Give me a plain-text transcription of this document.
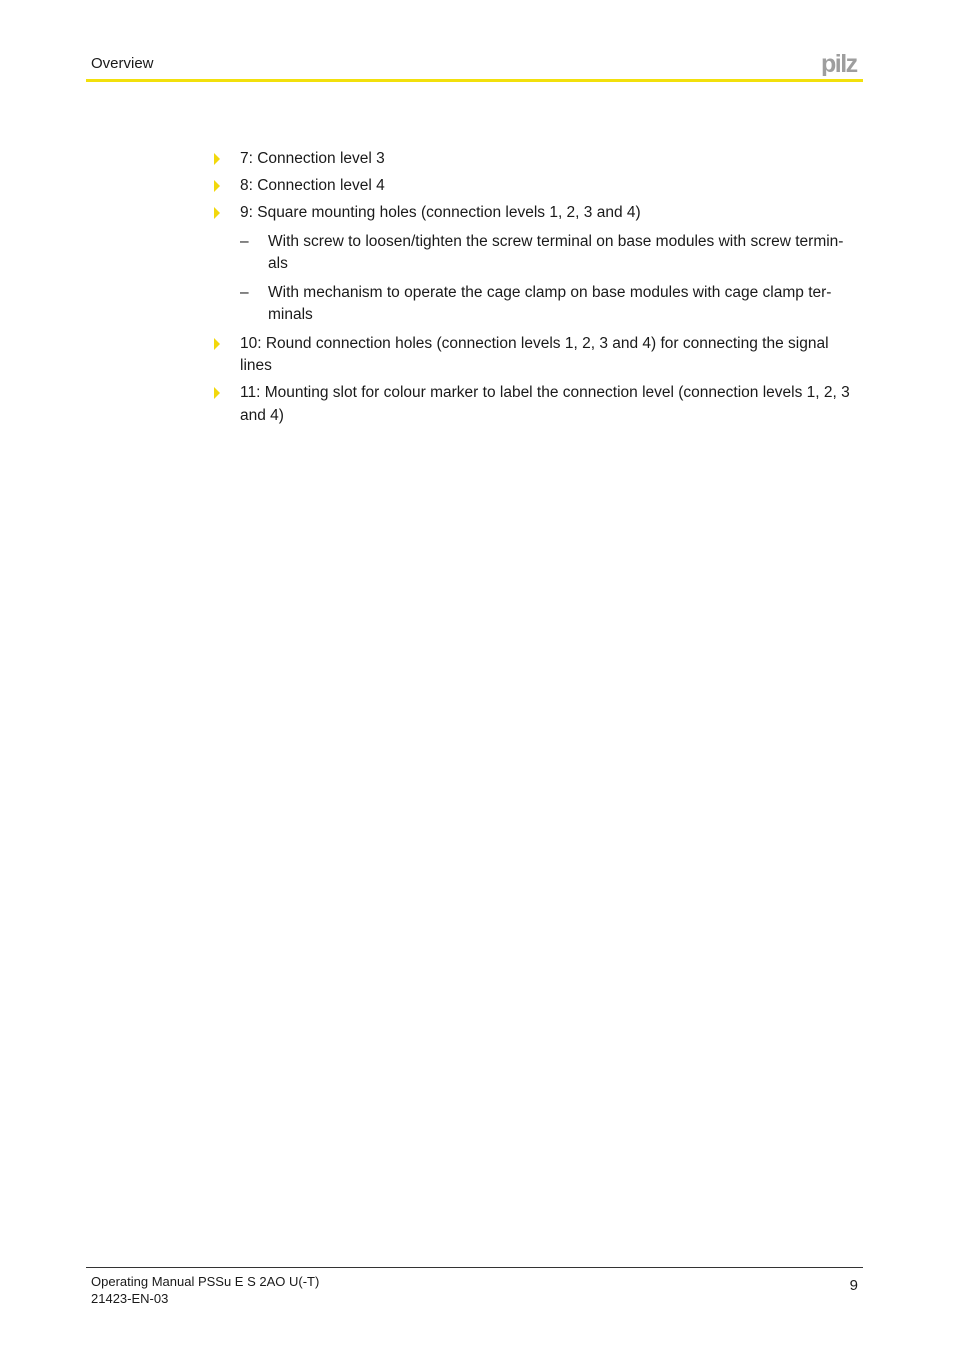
Overview	pilz
7: Connection level 3
8: Connection level 4
9: Square mounting holes (connection levels 1, 2, 3 and 4)
– With screw to loosen/tighten the screw terminal on base modules with screw termin- als
– With mechanism to operate the cage clamp on base modules with cage clamp ter- minals
10: Round connection holes (connection levels 1, 2, 3 and 4) for connecting the signal lines
11: Mounting slot for colour marker to label the connection level (connection levels 1, 2, 3 and 4)
Operating Manual PSSu E S 2AO U(-T)
21423-EN-03
9
